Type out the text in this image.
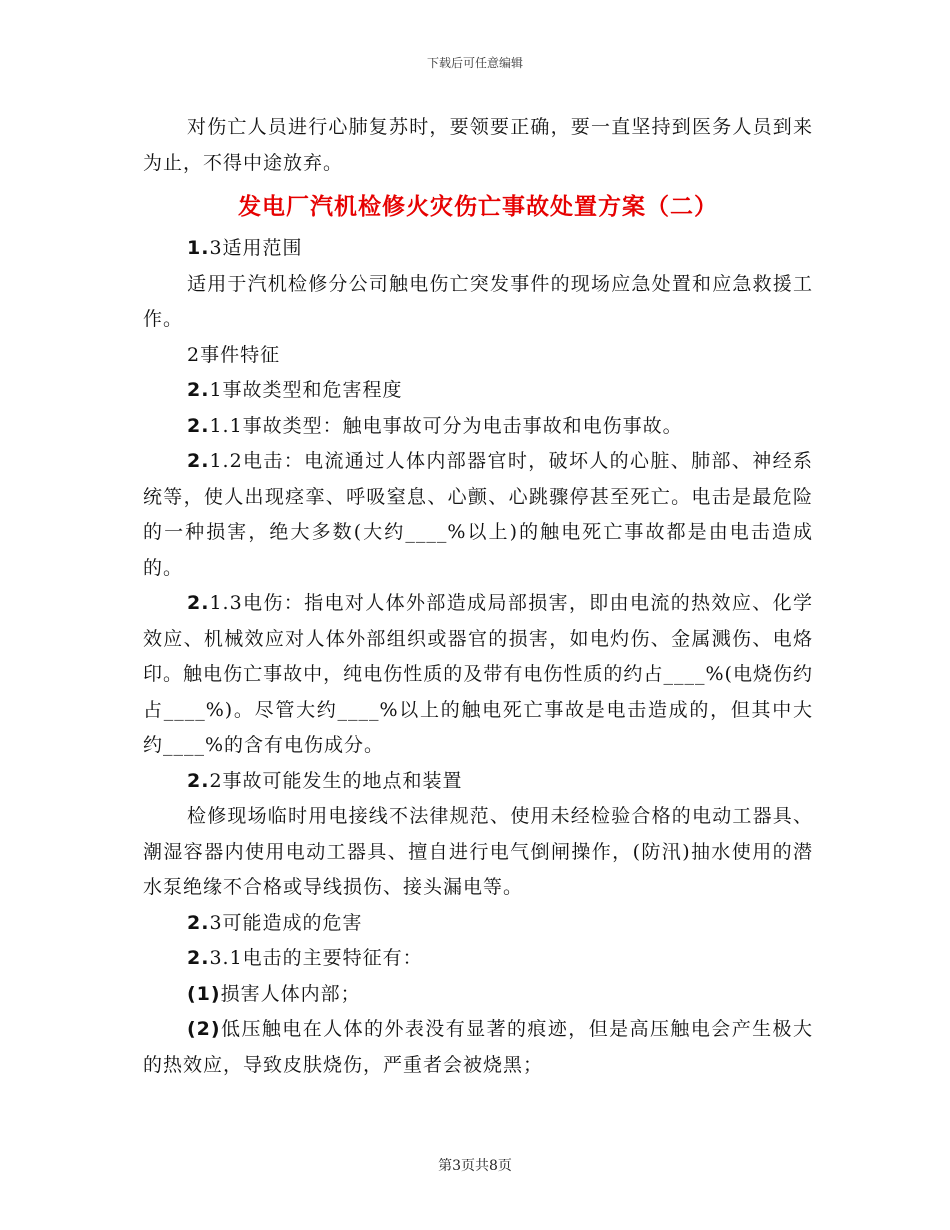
下载后可任意编辑

对伤亡人员进行心肺复苏时，要领要正确，要一直坚持到医务人员到来为止，不得中途放弃。

发电厂汽机检修火灾伤亡事故处置方案（二）

1.3适用范围

适用于汽机检修分公司触电伤亡突发事件的现场应急处置和应急救援工作。

2事件特征

2.1事故类型和危害程度

2.1.1事故类型：触电事故可分为电击事故和电伤事故。

2.1.2电击：电流通过人体内部器官时，破坏人的心脏、肺部、神经系统等，使人出现痉挛、呼吸窒息、心颤、心跳骤停甚至死亡。电击是最危险的一种损害，绝大多数(大约____%以上)的触电死亡事故都是由电击造成的。

2.1.3电伤：指电对人体外部造成局部损害，即由电流的热效应、化学效应、机械效应对人体外部组织或器官的损害，如电灼伤、金属溅伤、电烙印。触电伤亡事故中，纯电伤性质的及带有电伤性质的约占____%(电烧伤约占____%)。尽管大约____%以上的触电死亡事故是电击造成的，但其中大约____%的含有电伤成分。

2.2事故可能发生的地点和装置

检修现场临时用电接线不法律规范、使用未经检验合格的电动工器具、潮湿容器内使用电动工器具、擅自进行电气倒闸操作，(防汛)抽水使用的潜水泵绝缘不合格或导线损伤、接头漏电等。

2.3可能造成的危害

2.3.1电击的主要特征有：

(1)损害人体内部；

(2)低压触电在人体的外表没有显著的痕迹，但是高压触电会产生极大的热效应，导致皮肤烧伤，严重者会被烧黑；

第3页共8页
